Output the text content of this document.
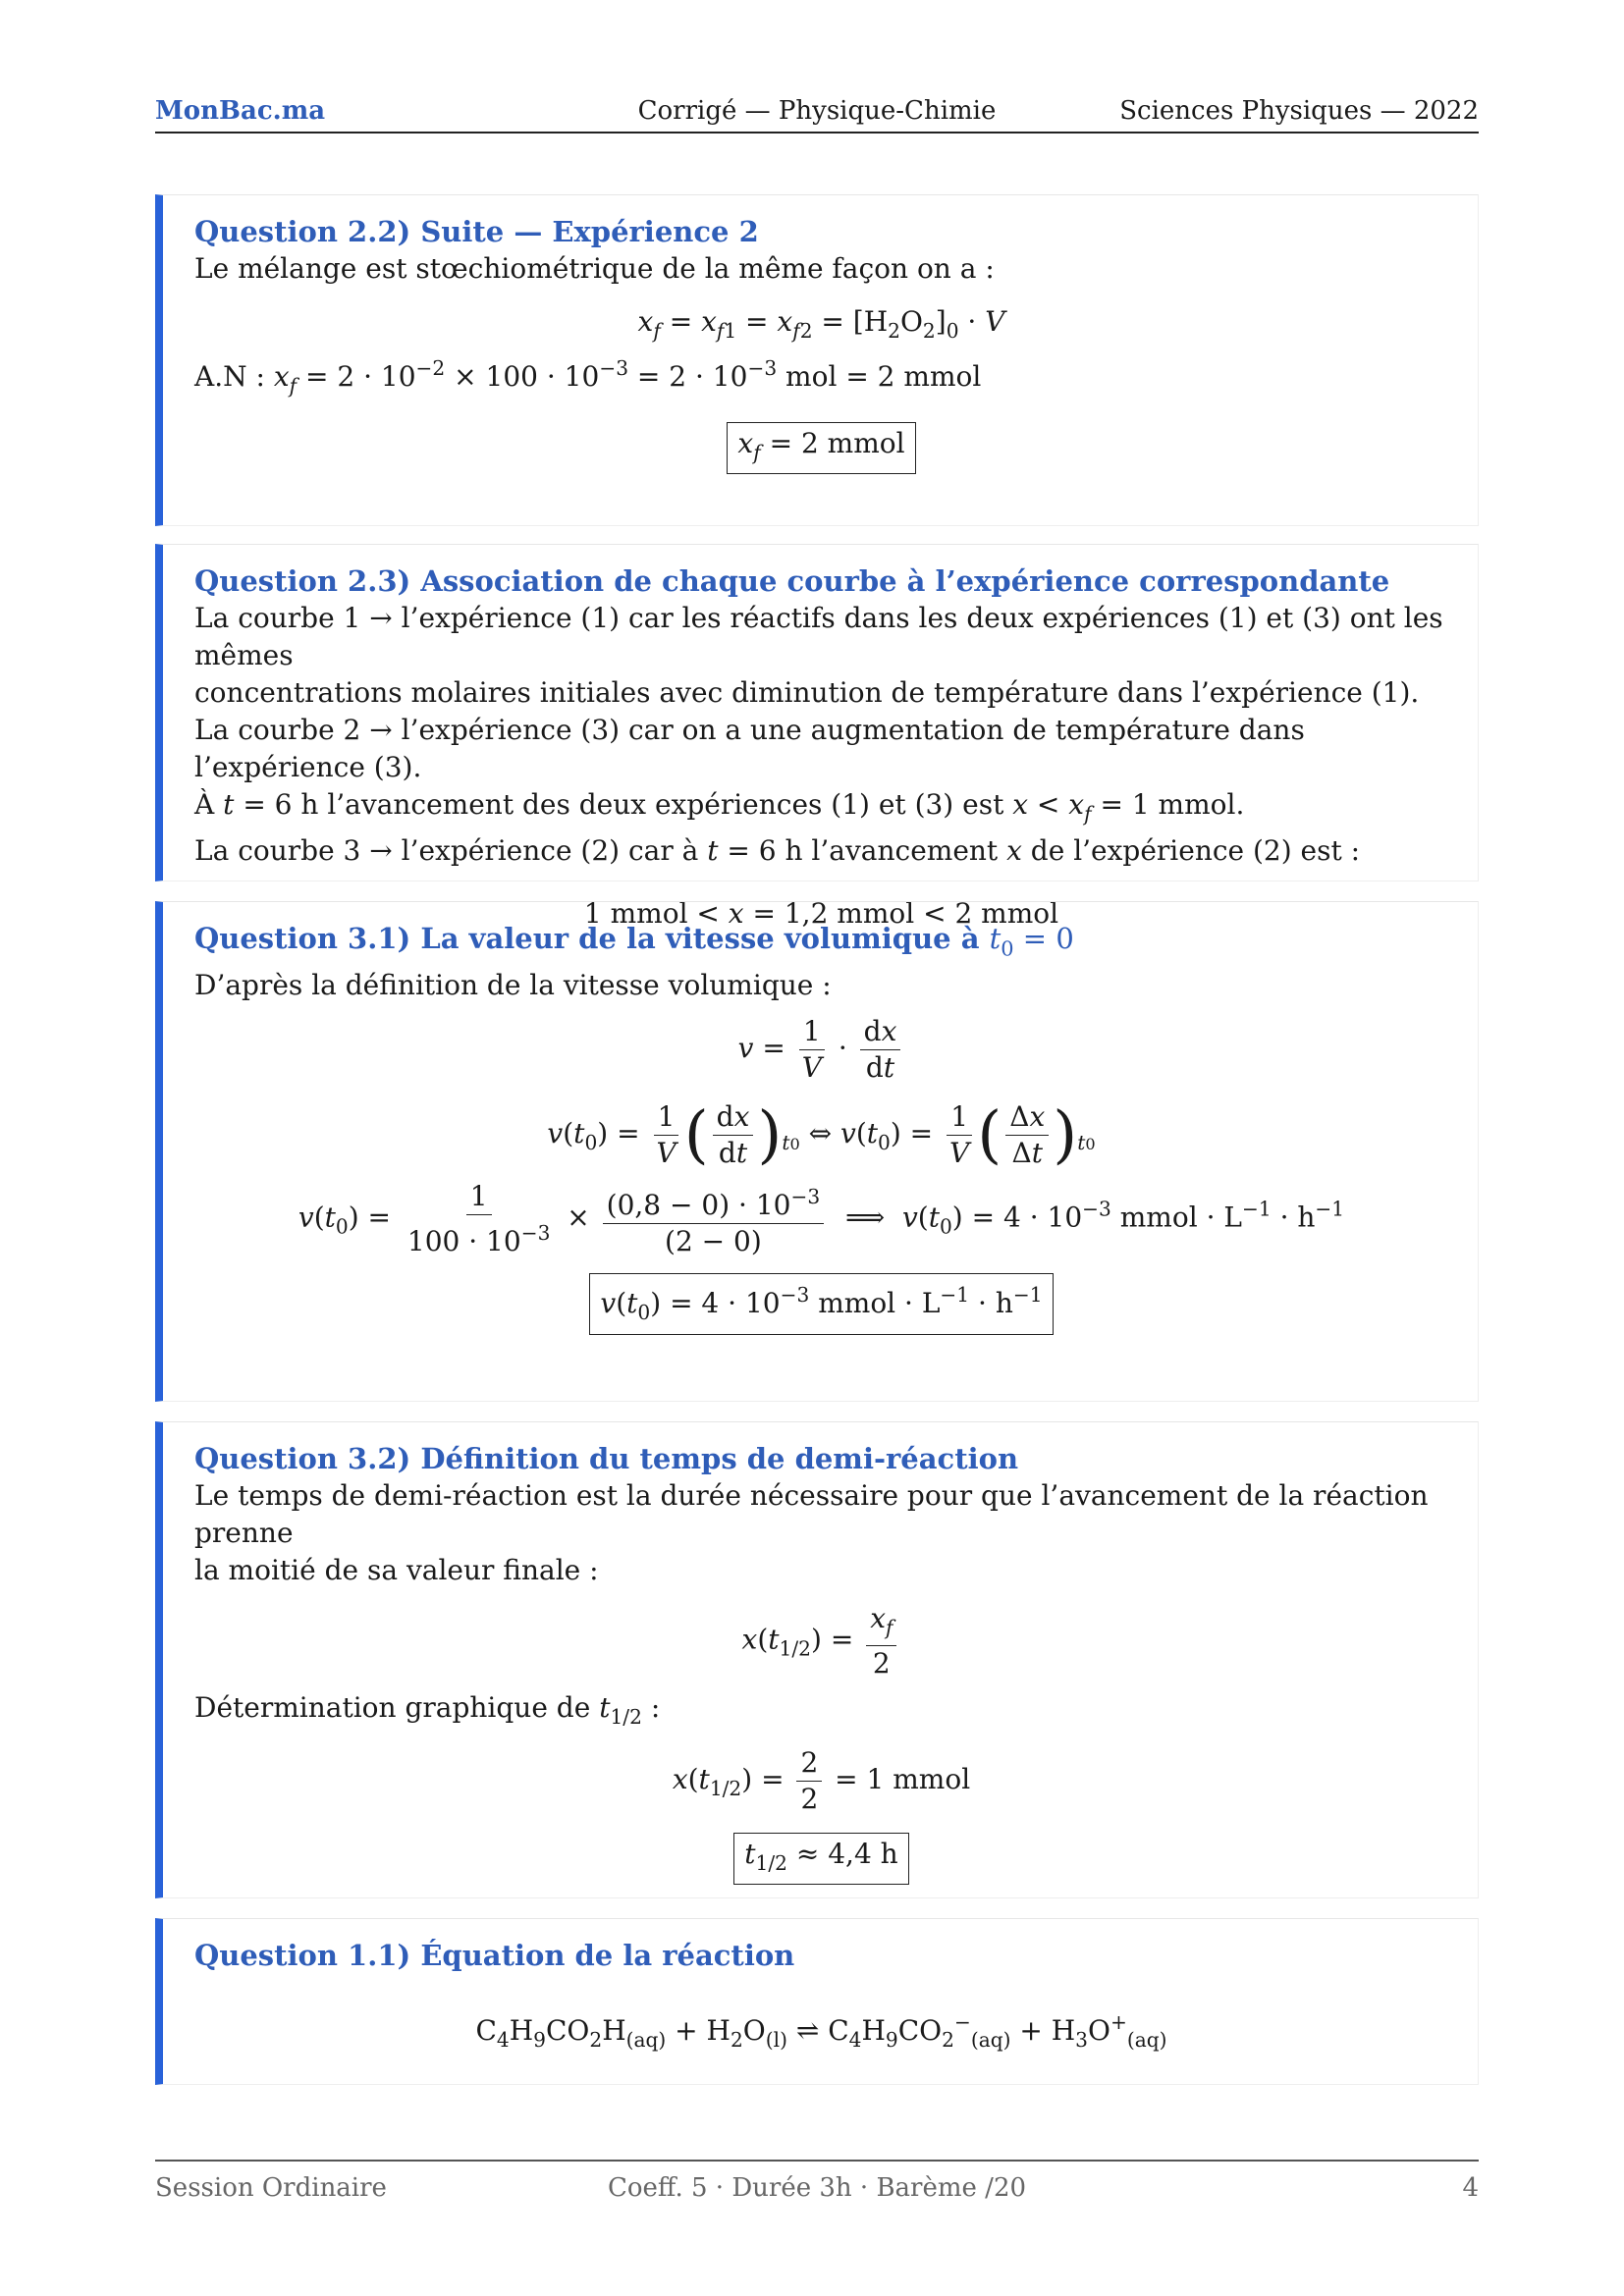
MonBac.ma	Corrigé — Physique-Chimie	Sciences Physiques — 2022
Question 2.2) Suite — Expérience 2
Le mélange est stœchiométrique de la même façon on a :
$x_f = x_{f1} = x_{f2} = [H_2O_2]_0 \cdot V$
A.N : $x_f = 2 \cdot 10^{-2} \times 100 \cdot 10^{-3} = 2 \cdot 10^{-3}$ mol = 2 mmol
$x_f = 2$ mmol
Question 2.3) Association de chaque courbe à l’expérience correspondante
La courbe 1 → l’expérience (1) car les réactifs dans les deux expériences (1) et (3) ont les mêmes
concentrations molaires initiales avec diminution de température dans l’expérience (1).
La courbe 2 → l’expérience (3) car on a une augmentation de température dans l’expérience (3).
À t = 6 h l’avancement des deux expériences (1) et (3) est $x < x_f = 1$ mmol.
La courbe 3 → l’expérience (2) car à t = 6 h l’avancement x de l’expérience (2) est :
1 mmol < x = 1,2 mmol < 2 mmol
Question 3.1) La valeur de la vitesse volumique à $t_0 = 0$
D’après la définition de la vitesse volumique :
$v = \frac{1}{V} \cdot \frac{dx}{dt}$
$v(t_0) = \frac{1}{V}$ ( $\frac{dx}{dt} )_{t0}$ ⇔ $v(t_0) = \frac{1}{V}$ ( $\frac{\Delta x}{\Delta t} )_{t0}$
$v(t_0) = \frac{1}{100 \cdot 10^{-3}} \times \frac{(0,8 - 0) \cdot 10^{-3}}{(2 - 0)}$ ⟹  $v(t_0) = 4 \cdot 10^{-3}$ mmol · $L^{-1} \cdot h^{-1}$
$v(t_0) = 4 \cdot 10^{-3}$ mmol · $L^{-1} \cdot h^{-1}$
Question 3.2) Définition du temps de demi-réaction
Le temps de demi-réaction est la durée nécessaire pour que l’avancement de la réaction prenne
la moitié de sa valeur finale :
$x(t_{1/2}) = \frac{x_f}{2}$
Détermination graphique de $t_{1/2}$ :
$x(t_{1/2}) = \frac{2}{2} = 1$ mmol
$t_{1/2} \approx 4,4$ h
Question 1.1) Équation de la réaction
$C_4H_9CO_2H_{(aq)} + H_2O_{(l)}$ ⇌ $C_4H_9CO_2^-_{(aq)} + H_3O^+_{(aq)}$
Session Ordinaire	Coeff. 5 · Durée 3h · Barème /20	4
